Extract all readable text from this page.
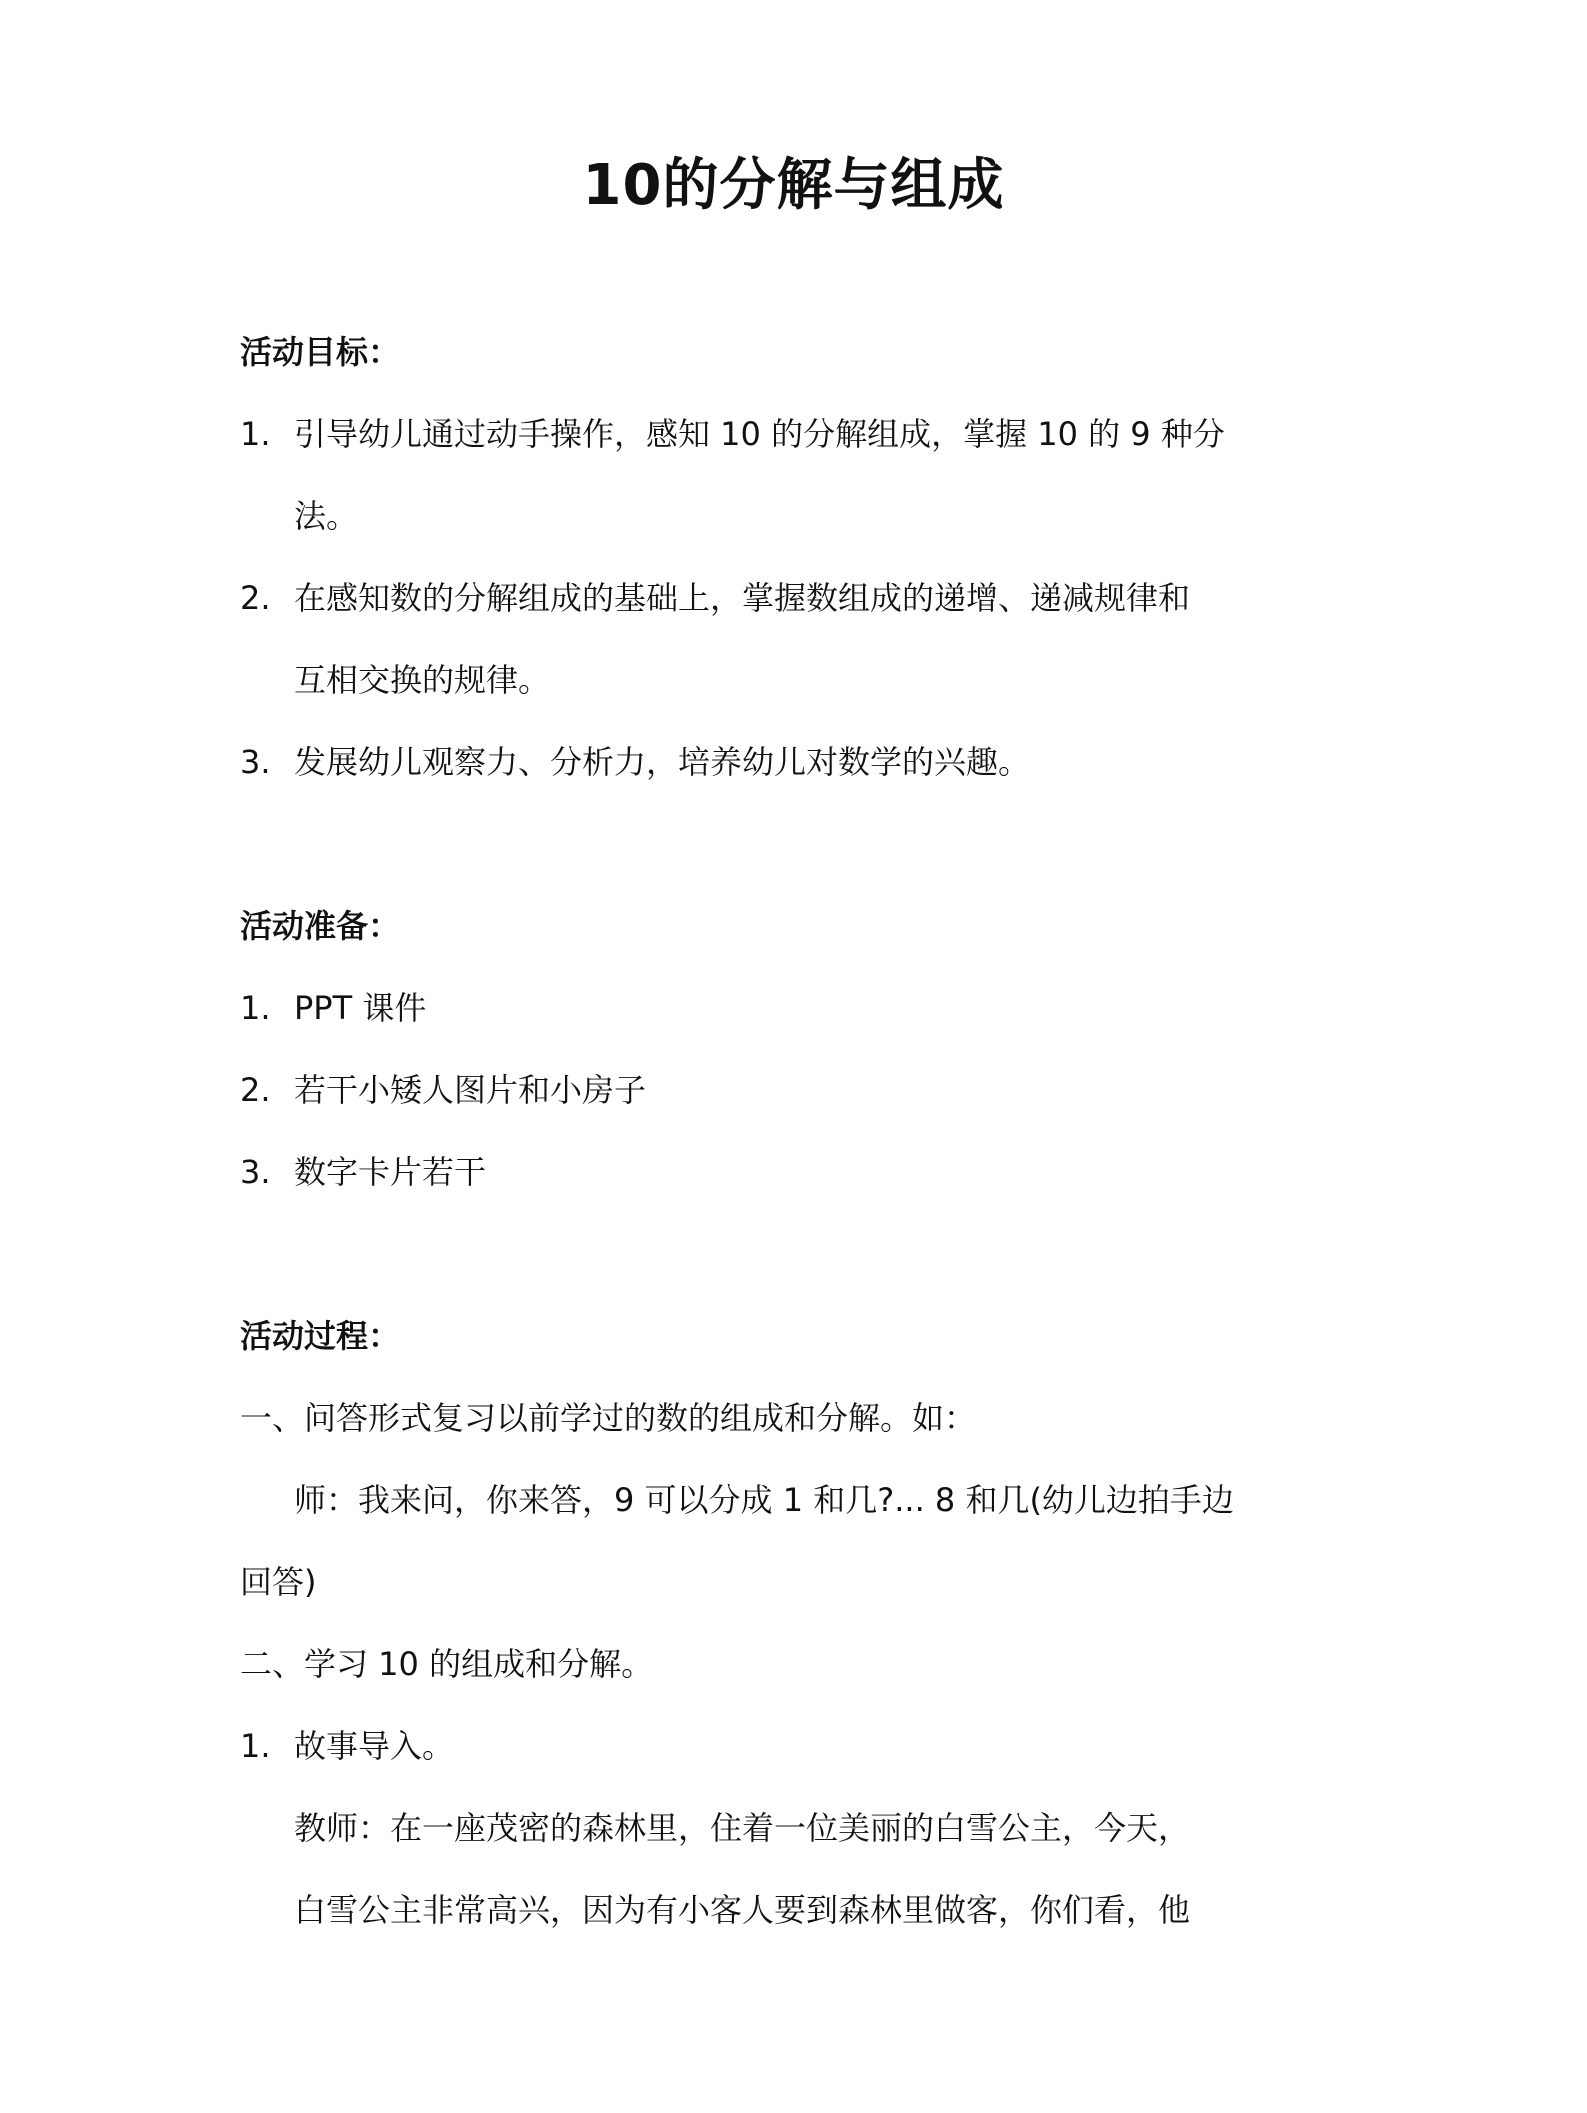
10的分解与组成
活动目标：
1. 引导幼儿通过动手操作，感知 10 的分解组成，掌握 10 的 9 种分
法。
2. 在感知数的分解组成的基础上，掌握数组成的递增、递减规律和
互相交换的规律。
3. 发展幼儿观察力、分析力，培养幼儿对数学的兴趣。
活动准备：
1. PPT 课件
2. 若干小矮人图片和小房子
3. 数字卡片若干
活动过程：
一、问答形式复习以前学过的数的组成和分解。如：
师：我来问，你来答，9 可以分成 1 和几?... 8 和几(幼儿边拍手边
回答)
二、学习 10 的组成和分解。
1. 故事导入。
教师：在一座茂密的森林里，住着一位美丽的白雪公主，今天，
白雪公主非常高兴，因为有小客人要到森林里做客，你们看，他
